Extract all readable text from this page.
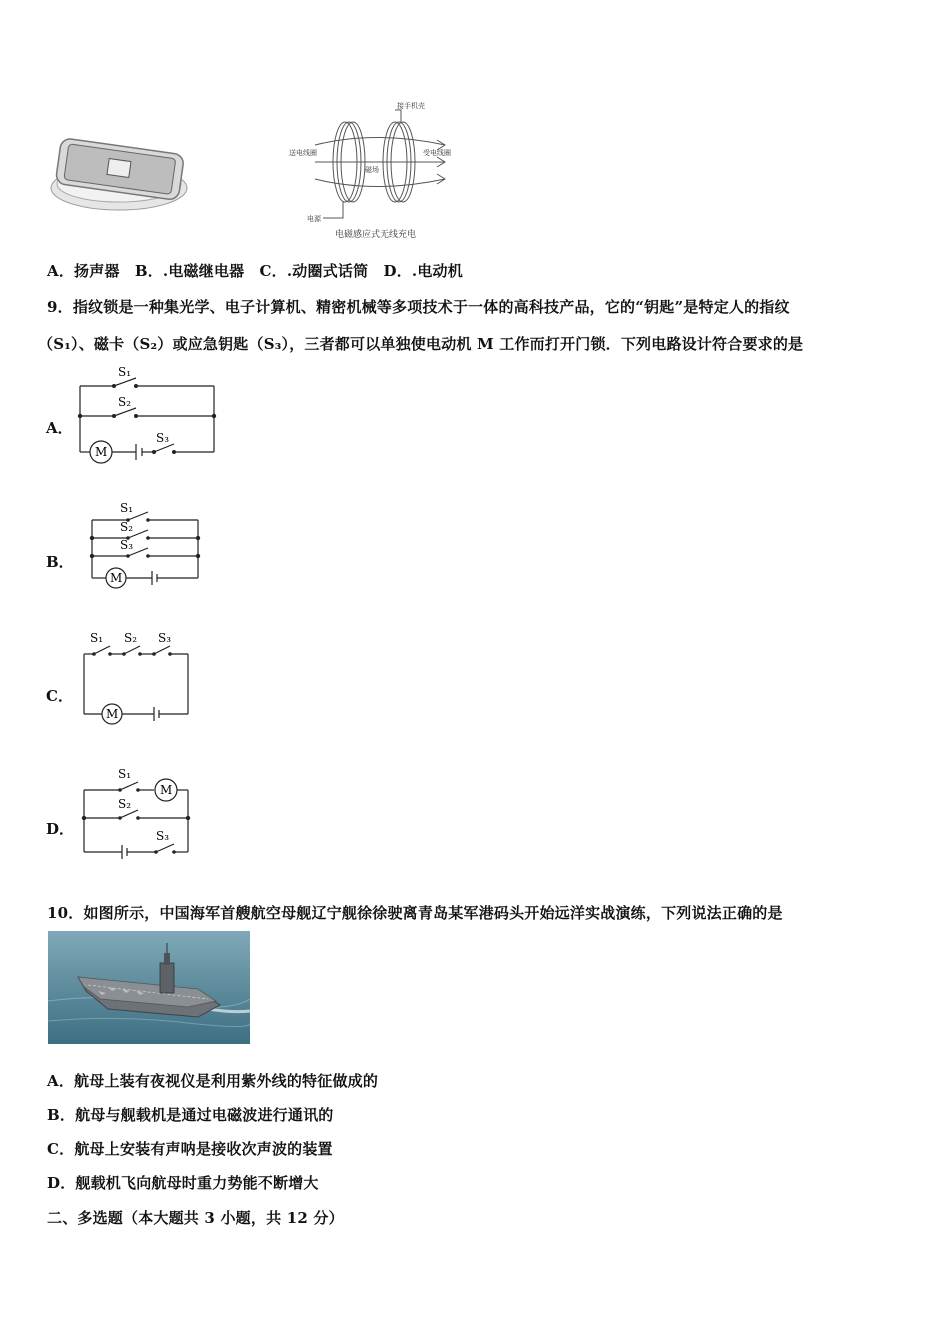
接手机壳
送电线圈	受电线圈
磁场
电源
电磁感应式无线充电
A．扬声器　B．.电磁继电器　C．.动圈式话筒　D．.电动机
9．指纹锁是一种集光学、电子计算机、精密机械等多项技术于一体的高科技产品，它的“钥匙”是特定人的指纹
（S₁）、磁卡（S₂）或应急钥匙（S₃），三者都可以单独使电动机 M 工作而打开门锁．下列电路设计符合要求的是
A．
S₁
S₂
S₃
M
B．
S₁
S₂
S₃
M
C．
S₁ S₂ S₃
M
D．
S₁
S₂
S₃
M
10．如图所示，中国海军首艘航空母舰辽宁舰徐徐驶离青岛某军港码头开始远洋实战演练，下列说法正确的是
A．航母上装有夜视仪是利用紫外线的特征做成的
B．航母与舰载机是通过电磁波进行通讯的
C．航母上安装有声呐是接收次声波的装置
D．舰载机飞向航母时重力势能不断增大
二、多选题（本大题共 3 小题，共 12 分）
